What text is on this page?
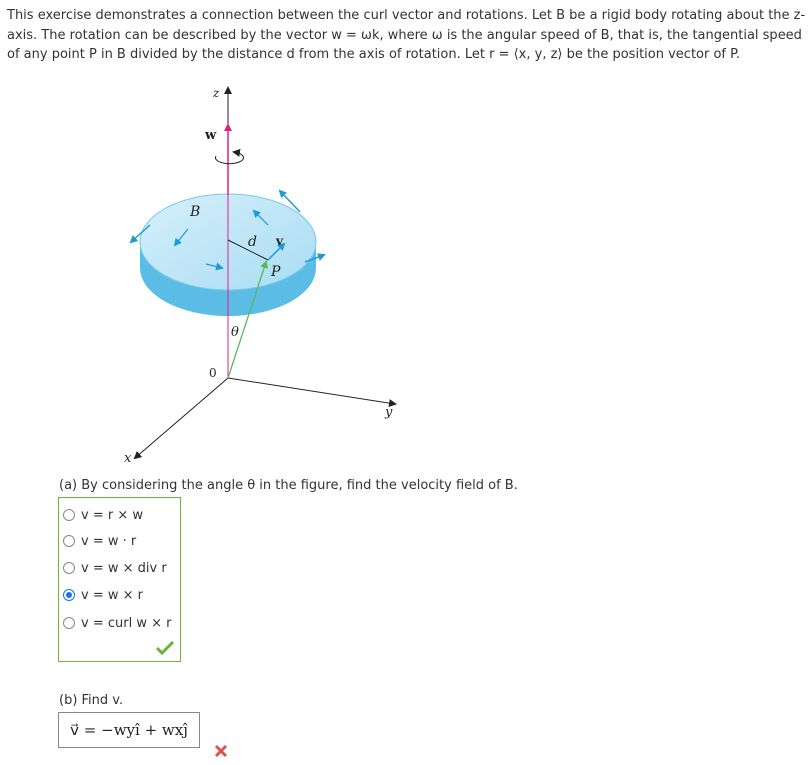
This exercise demonstrates a connection between the curl vector and rotations. Let B be a rigid body rotating about the z-axis. The rotation can be described by the vector w = ωk, where ω is the angular speed of B, that is, the tangential speed of any point P in B divided by the distance d from the axis of rotation. Let r = ⟨x, y, z⟩ be the position vector of P.

z
w
B
d v
P
θ
0
y
x

(a) By considering the angle θ in the figure, find the velocity field of B.

v = r × w
v = w · r
v = w × div r
v = w × r
v = curl w × r

(b) Find v.

v⃗ = −wyî + wxĵ
